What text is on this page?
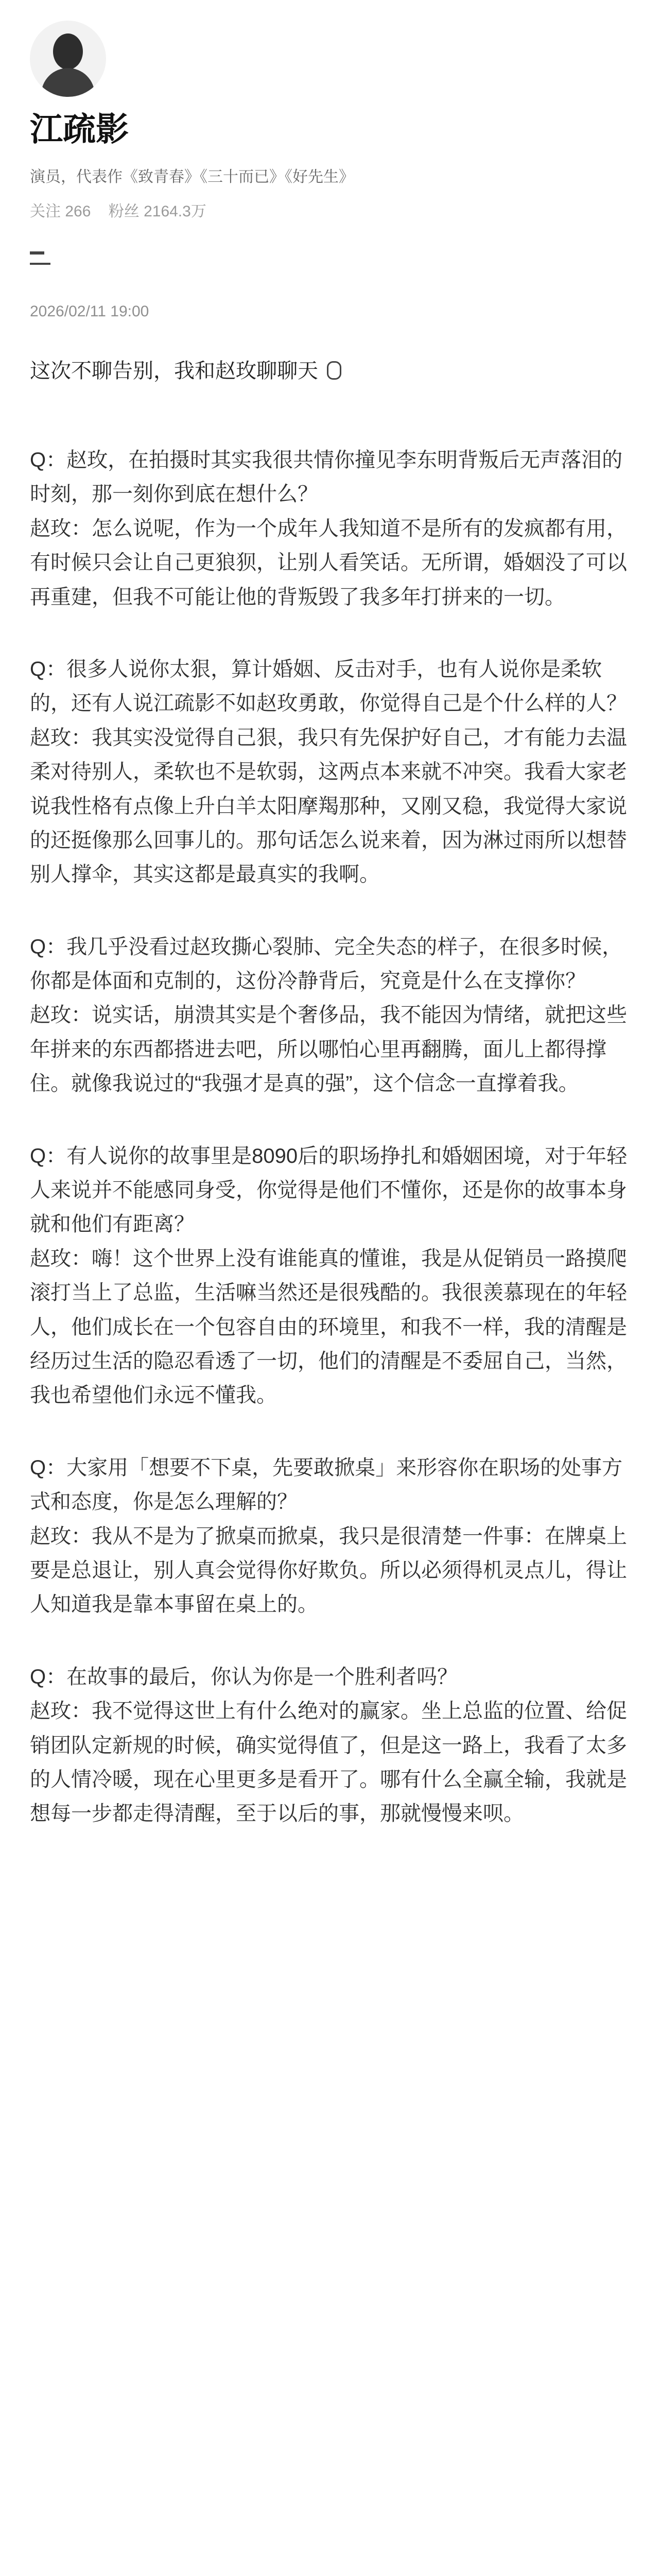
江疏影
演员，代表作《致青春》《三十而已》《好先生》
关注 266 粉丝 2164.3万
2026/02/11 19:00
这次不聊告别，我和赵玫聊聊天
Q：赵玫，在拍摄时其实我很共情你撞见李东明背叛后无声落泪的时刻，那一刻你到底在想什么？
赵玫：怎么说呢，作为一个成年人我知道不是所有的发疯都有用，有时候只会让自己更狼狈，让别人看笑话。无所谓，婚姻没了可以再重建，但我不可能让他的背叛毁了我多年打拼来的一切。
Q：很多人说你太狠，算计婚姻、反击对手，也有人说你是柔软的，还有人说江疏影不如赵玫勇敢，你觉得自己是个什么样的人？
赵玫：我其实没觉得自己狠，我只有先保护好自己，才有能力去温柔对待别人，柔软也不是软弱，这两点本来就不冲突。我看大家老说我性格有点像上升白羊太阳摩羯那种，又刚又稳，我觉得大家说的还挺像那么回事儿的。那句话怎么说来着，因为淋过雨所以想替别人撑伞，其实这都是最真实的我啊。
Q：我几乎没看过赵玫撕心裂肺、完全失态的样子，在很多时候，你都是体面和克制的，这份冷静背后，究竟是什么在支撑你？
赵玫：说实话，崩溃其实是个奢侈品，我不能因为情绪，就把这些年拼来的东西都搭进去吧，所以哪怕心里再翻腾，面儿上都得撑住。就像我说过的“我强才是真的强”，这个信念一直撑着我。
Q：有人说你的故事里是8090后的职场挣扎和婚姻困境，对于年轻人来说并不能感同身受，你觉得是他们不懂你，还是你的故事本身就和他们有距离？
赵玫：嗨！这个世界上没有谁能真的懂谁，我是从促销员一路摸爬滚打当上了总监，生活嘛当然还是很残酷的。我很羡慕现在的年轻人，他们成长在一个包容自由的环境里，和我不一样，我的清醒是经历过生活的隐忍看透了一切，他们的清醒是不委屈自己，当然，我也希望他们永远不懂我。
Q：大家用「想要不下桌，先要敢掀桌」来形容你在职场的处事方式和态度，你是怎么理解的？
赵玫：我从不是为了掀桌而掀桌，我只是很清楚一件事：在牌桌上要是总退让，别人真会觉得你好欺负。所以必须得机灵点儿，得让人知道我是靠本事留在桌上的。
Q：在故事的最后，你认为你是一个胜利者吗？
赵玫：我不觉得这世上有什么绝对的赢家。坐上总监的位置、给促销团队定新规的时候，确实觉得值了，但是这一路上，我看了太多的人情冷暖，现在心里更多是看开了。哪有什么全赢全输，我就是想每一步都走得清醒，至于以后的事，那就慢慢来呗。
